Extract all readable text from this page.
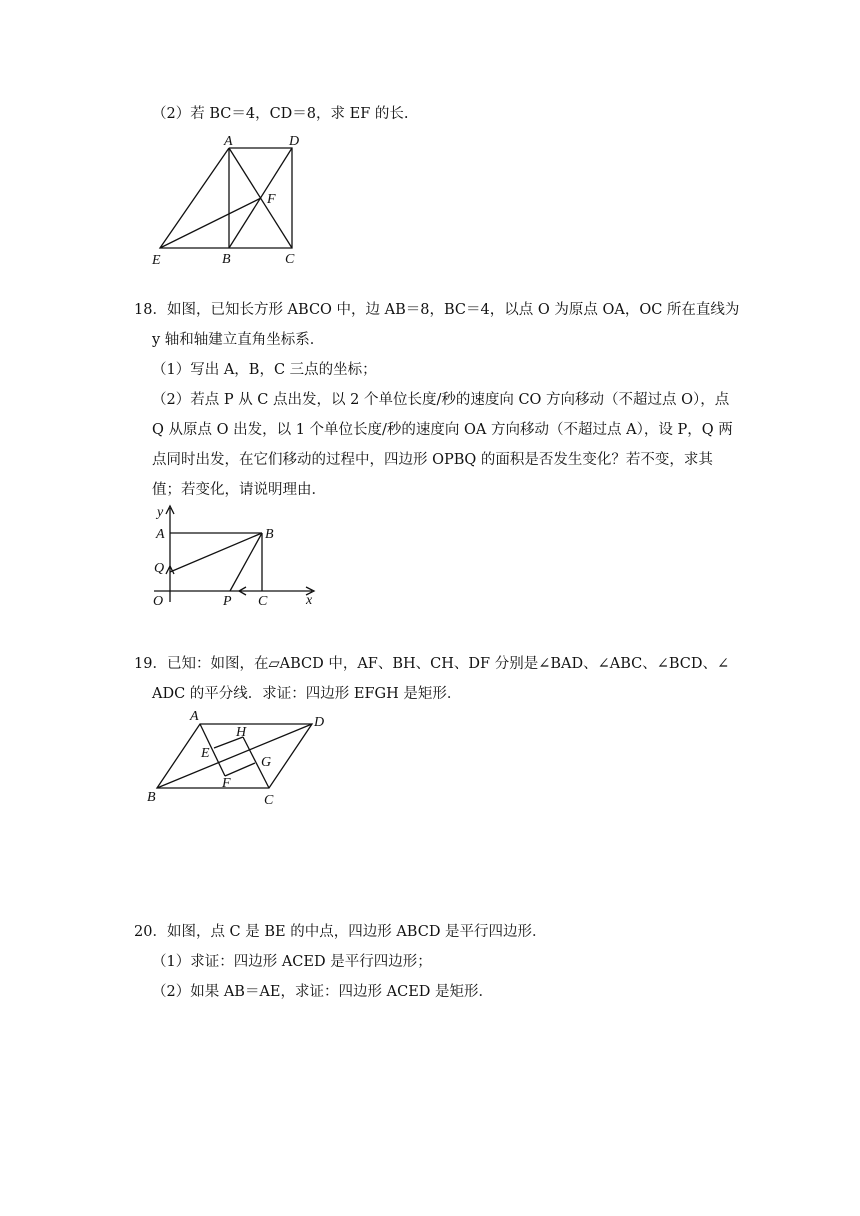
（2）若 BC＝4，CD＝8，求 EF 的长.
A	D
F
E	B	C
18．如图，已知长方形 ABCO 中，边 AB＝8，BC＝4，以点 O 为原点 OA，OC 所在直线为
y 轴和轴建立直角坐标系．
（1）写出 A，B，C 三点的坐标；
（2）若点 P 从 C 点出发，以 2 个单位长度/秒的速度向 CO 方向移动（不超过点 O），点
Q 从原点 O 出发，以 1 个单位长度/秒的速度向 OA 方向移动（不超过点 A），设 P，Q 两
点同时出发，在它们移动的过程中，四边形 OPBQ 的面积是否发生变化？若不变，求其
值；若变化，请说明理由．
y
A	B
Q
O	P C	x
19．已知：如图，在▱ABCD 中，AF、BH、CH、DF 分别是∠BAD、∠ABC、∠BCD、∠
ADC 的平分线．求证：四边形 EFGH 是矩形．
A	D
H
E
G
F
B	C
20．如图，点 C 是 BE 的中点，四边形 ABCD 是平行四边形．
（1）求证：四边形 ACED 是平行四边形；
（2）如果 AB＝AE，求证：四边形 ACED 是矩形．
